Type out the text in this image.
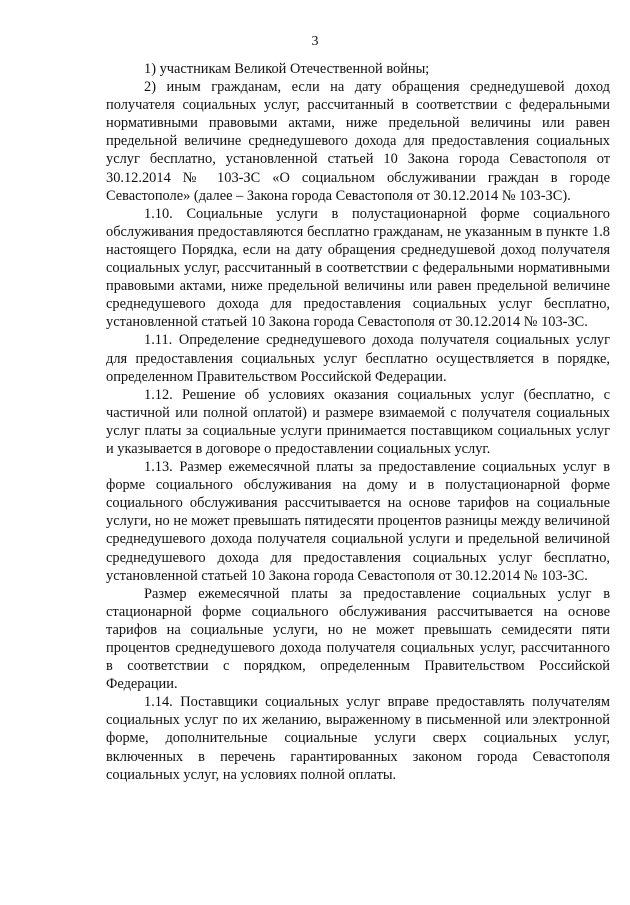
3

1) участникам Великой Отечественной войны;

2) иным гражданам, если на дату обращения среднедушевой доход получателя социальных услуг, рассчитанный в соответствии с федеральными нормативными правовыми актами, ниже предельной величины или равен предельной величине среднедушевого дохода для предоставления социальных услуг бесплатно, установленной статьей 10 Закона города Севастополя от 30.12.2014 № 103-ЗС «О социальном обслуживании граждан в городе Севастополе» (далее – Закона города Севастополя от 30.12.2014 № 103-ЗС).

1.10. Социальные услуги в полустационарной форме социального обслуживания предоставляются бесплатно гражданам, не указанным в пункте 1.8 настоящего Порядка, если на дату обращения среднедушевой доход получателя социальных услуг, рассчитанный в соответствии с федеральными нормативными правовыми актами, ниже предельной величины или равен предельной величине среднедушевого дохода для предоставления социальных услуг бесплатно, установленной статьей 10 Закона города Севастополя от 30.12.2014 № 103-ЗС.

1.11. Определение среднедушевого дохода получателя социальных услуг для предоставления социальных услуг бесплатно осуществляется в порядке, определенном Правительством Российской Федерации.

1.12. Решение об условиях оказания социальных услуг (бесплатно, с частичной или полной оплатой) и размере взимаемой с получателя социальных услуг платы за социальные услуги принимается поставщиком социальных услуг и указывается в договоре о предоставлении социальных услуг.

1.13. Размер ежемесячной платы за предоставление социальных услуг в форме социального обслуживания на дому и в полустационарной форме социального обслуживания рассчитывается на основе тарифов на социальные услуги, но не может превышать пятидесяти процентов разницы между величиной среднедушевого дохода получателя социальной услуги и предельной величиной среднедушевого дохода для предоставления социальных услуг бесплатно, установленной статьей 10 Закона города Севастополя от 30.12.2014 № 103-ЗС.

Размер ежемесячной платы за предоставление социальных услуг в стационарной форме социального обслуживания рассчитывается на основе тарифов на социальные услуги, но не может превышать семидесяти пяти процентов среднедушевого дохода получателя социальных услуг, рассчитанного в соответствии с порядком, определенным Правительством Российской Федерации.

1.14. Поставщики социальных услуг вправе предоставлять получателям социальных услуг по их желанию, выраженному в письменной или электронной форме, дополнительные социальные услуги сверх социальных услуг, включенных в перечень гарантированных законом города Севастополя социальных услуг, на условиях полной оплаты.
